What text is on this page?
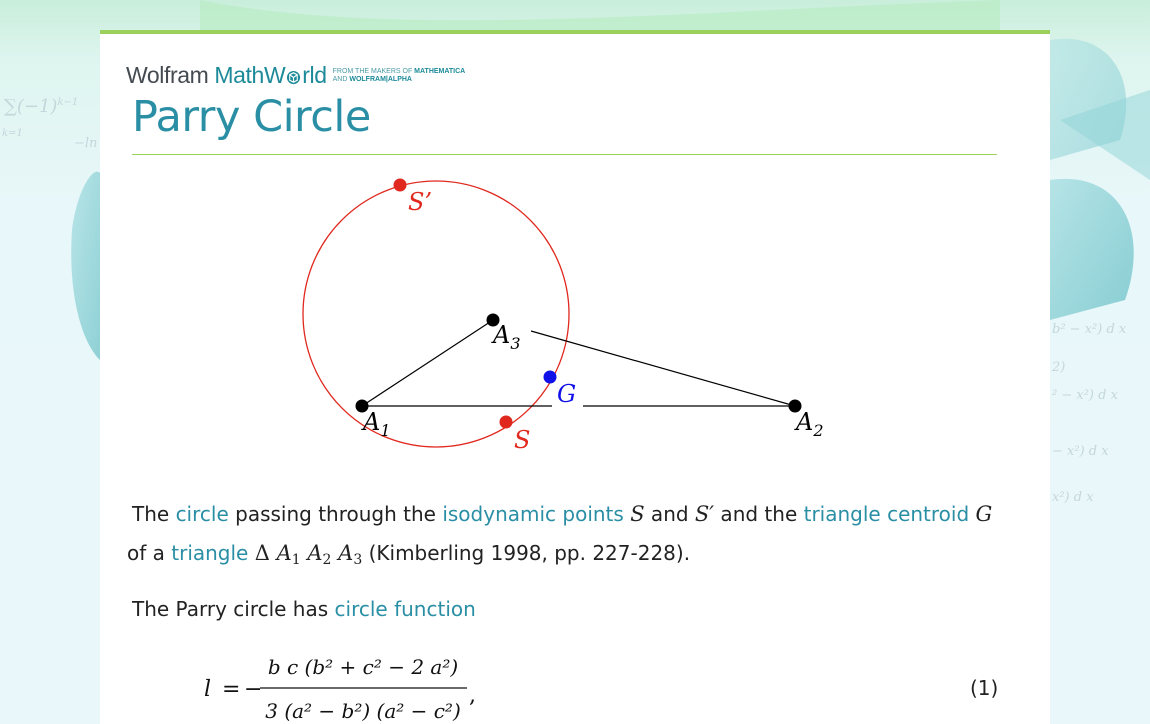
$\sum(-1)^{k-1}$
k=1
−ln
b² − x²) d x
2)
² − x²) d x
− x²) d x
x²) d x
Wolfram MathW rld FROM THE MAKERS OF MATHEMATICA
AND WOLFRAM|ALPHA
Parry Circle
S’
$A_3$
G
$A_1$	S
$A_2$

The circle passing through the isodynamic points S and S′ and the triangle centroid G
of a triangle Δ $A_1$ $A_2$ $A_3$ (Kimberling 1998, pp. 227-228).

The Parry circle has circle function

l = −
b c (b² + c² − 2 a²)
3 (a² − b²) (a² − c²)
,	(1)
